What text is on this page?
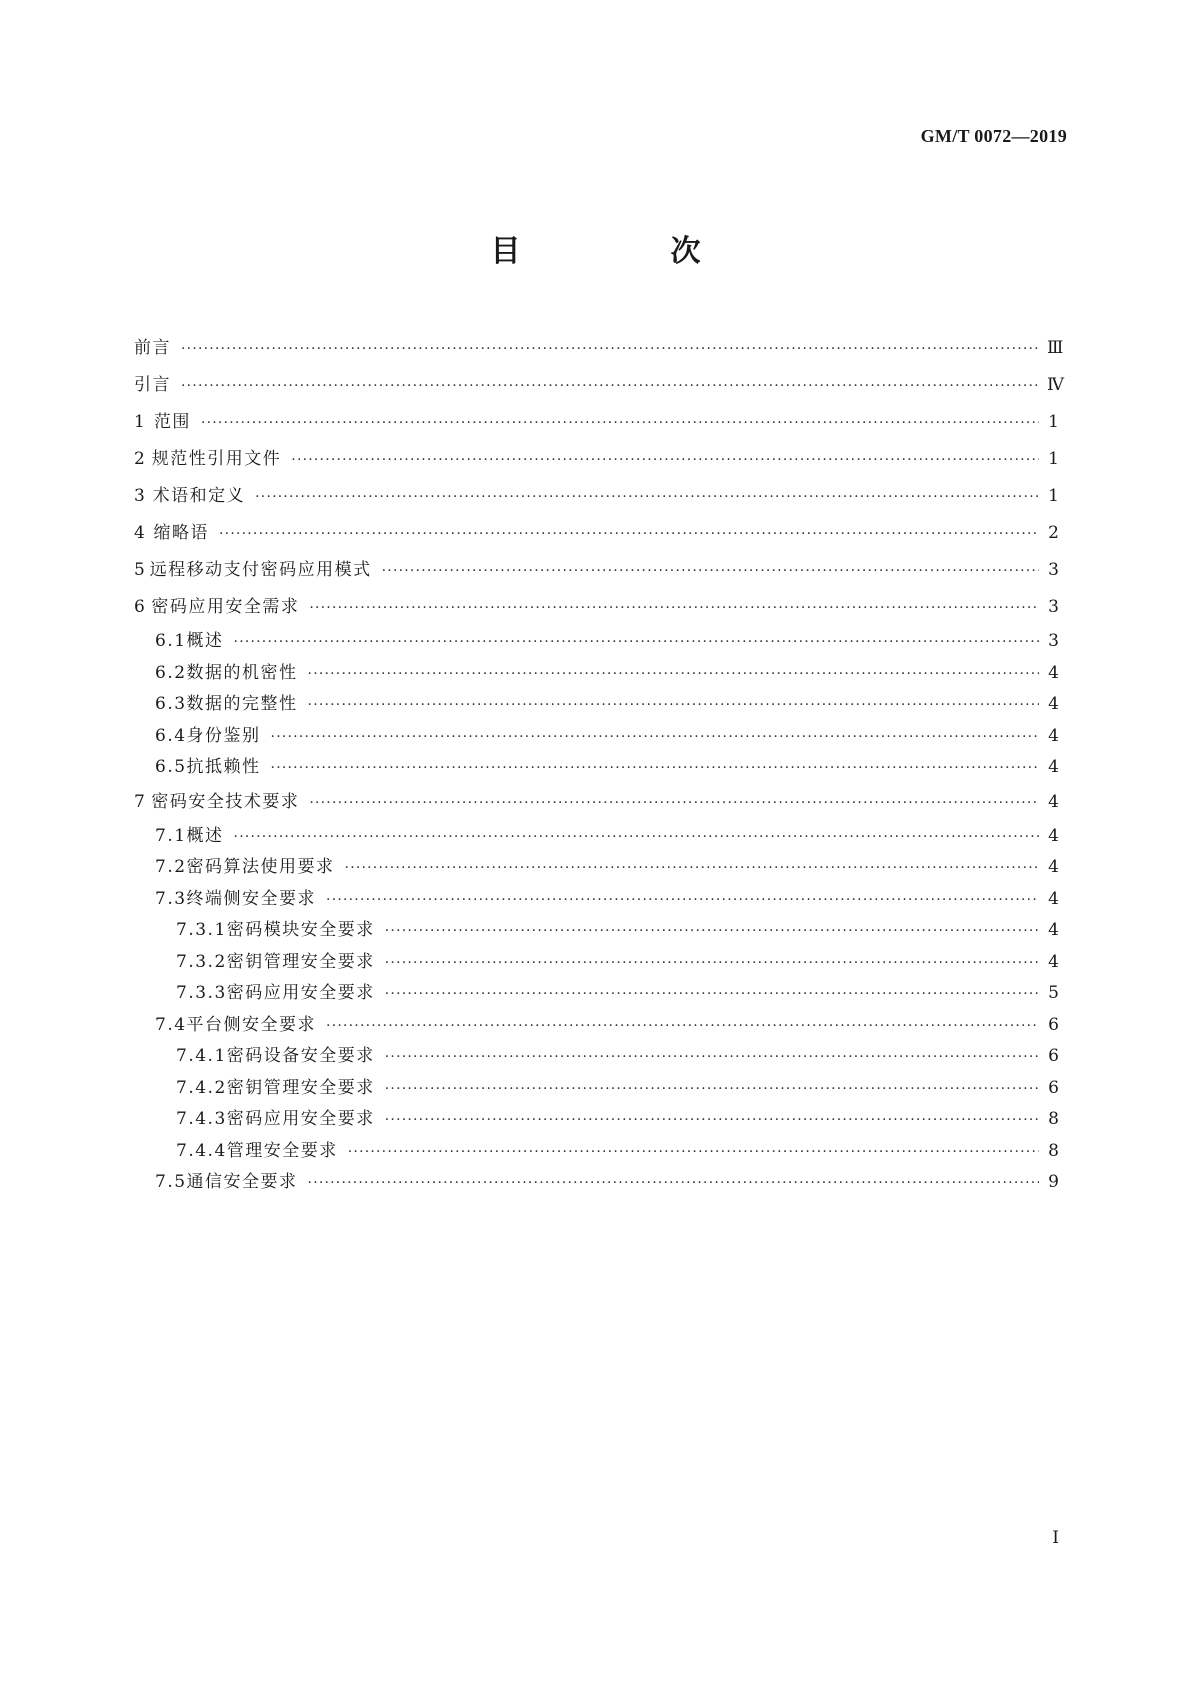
GM/T 0072—2019
目　次
前言 ·····	Ⅲ
引言 ·····	Ⅳ
1 范围 ·····	1
2 规范性引用文件 ·····	1
3 术语和定义 ·····	1
4 缩略语 ·····	2
5 远程移动支付密码应用模式 ·····	3
6 密码应用安全需求 ·····	3
6.1 概述 ·····	3
6.2 数据的机密性 ·····	4
6.3 数据的完整性 ·····	4
6.4 身份鉴别 ·····	4
6.5 抗抵赖性 ·····	4
7 密码安全技术要求 ·····	4
7.1 概述 ·····	4
7.2 密码算法使用要求 ·····	4
7.3 终端侧安全要求 ·····	4
7.3.1 密码模块安全要求 ·····	4
7.3.2 密钥管理安全要求 ·····	4
7.3.3 密码应用安全要求 ·····	5
7.4 平台侧安全要求 ·····	6
7.4.1 密码设备安全要求 ·····	6
7.4.2 密钥管理安全要求 ·····	6
7.4.3 密码应用安全要求 ·····	8
7.4.4 管理安全要求 ·····	8
7.5 通信安全要求 ·····	9
I
